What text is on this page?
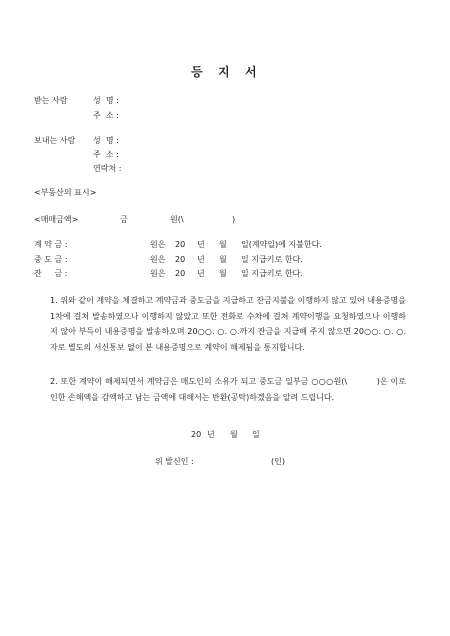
등 지 서
받는 사람	성  명 :
주  소 :
보내는 사람 성  명 :
주  소 :
연락처 :
<부동산의 표시>
<매매금액>	금	원(\	)
계 약 금 :	원은 20 년 월 일(계약일)에 지불한다.
중 도 금 :	원은 20 년 월 일 지급키로 한다.
잔     금 :	원은 20 년 월 일 지급키로 한다.
1. 위와 같이 계약을 체결하고 계약금과 중도금을 지급하고 잔금지불을 이행하지 않고 있어 내용증명을 1차에 걸쳐 발송하였으나 이행하지 않았고 또한 전화로 수차에 걸쳐 계약이행을 요청하였으나 이행하지 않아 부득이 내용증명을 발송하오며 20○○. ○. ○.까지 잔금을 지급해 주지 않으면 20○○. ○. ○.자로 별도의 서신통보 없이 본 내용증명으로 계약이 해제됨을 통지합니다.
2. 또한 계약이 해제되면서 계약금은 매도인의 소유가 되고 중도금 일부금 ○○○원(\          )은 이로 인한 손해액을 감액하고 남는 금액에 대해서는 반환(공탁)하겠음을 알려 드립니다.
20 년 월 일
위 발신인 :	(인)
